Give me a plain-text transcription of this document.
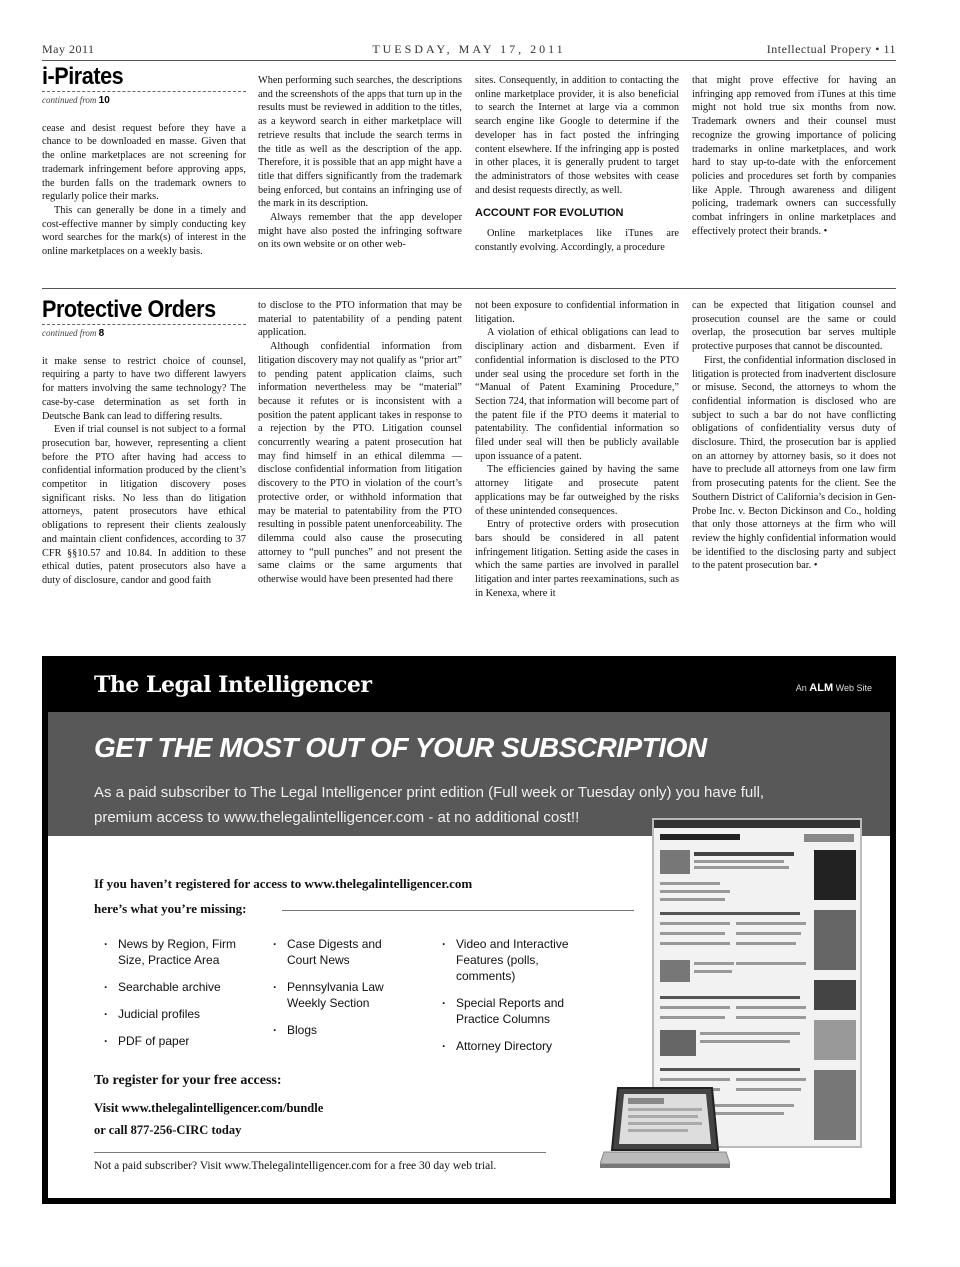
May 2011	TUESDAY, MAY 17, 2011	Intellectual Propery • 11
i-Pirates
continued from 10

cease and desist request before they have a chance to be downloaded en masse. Given that the online marketplaces are not screening for trademark infringement before approving apps, the burden falls on the trademark owners to regularly police their marks.

This can generally be done in a timely and cost-effective manner by simply conducting key word searches for the mark(s) of interest in the online marketplaces on a weekly basis.

When performing such searches, the descriptions and the screenshots of the apps that turn up in the results must be reviewed in addition to the titles, as a keyword search in either marketplace will retrieve results that include the search terms in the title as well as the description of the app. Therefore, it is possible that an app might have a title that differs significantly from the trademark being enforced, but contains an infringing use of the mark in its description.

Always remember that the app developer might have also posted the infringing software on its own website or on other web-

sites. Consequently, in addition to contacting the online marketplace provider, it is also beneficial to search the Internet at large via a common search engine like Google to determine if the developer has in fact posted the infringing content elsewhere. If the infringing app is posted in other places, it is generally prudent to target the administrators of those websites with cease and desist requests directly, as well.

ACCOUNT FOR EVOLUTION

Online marketplaces like iTunes are constantly evolving. Accordingly, a procedure

that might prove effective for having an infringing app removed from iTunes at this time might not hold true six months from now. Trademark owners and their counsel must recognize the growing importance of policing trademarks in online marketplaces, and work hard to stay up-to-date with the enforcement policies and procedures set forth by companies like Apple. Through awareness and diligent policing, trademark owners can successfully combat infringers in online marketplaces and effectively protect their brands. •

Protective Orders
continued from 8

it make sense to restrict choice of counsel, requiring a party to have two different lawyers for matters involving the same technology? The case-by-case determination as set forth in Deutsche Bank can lead to differing results.

Even if trial counsel is not subject to a formal prosecution bar, however, representing a client before the PTO after having had access to confidential information produced by the client’s competitor in litigation discovery poses significant risks. No less than do litigation attorneys, patent prosecutors have ethical obligations to represent their clients zealously and maintain client confidences, according to 37 CFR §§10.57 and 10.84. In addition to these ethical duties, patent prosecutors also have a duty of disclosure, candor and good faith

to disclose to the PTO information that may be material to patentability of a pending patent application.

Although confidential information from litigation discovery may not qualify as “prior art” to pending patent application claims, such information nevertheless may be “material” because it refutes or is inconsistent with a position the patent applicant takes in response to a rejection by the PTO. Litigation counsel concurrently wearing a patent prosecution hat may find himself in an ethical dilemma — disclose confidential information from litigation discovery to the PTO in violation of the court’s protective order, or withhold information that may be material to patentability from the PTO resulting in possible patent unenforceability. The dilemma could also cause the prosecuting attorney to “pull punches” and not present the same claims or the same arguments that otherwise would have been presented had there

not been exposure to confidential information in litigation.

A violation of ethical obligations can lead to disciplinary action and disbarment. Even if confidential information is disclosed to the PTO under seal using the procedure set forth in the “Manual of Patent Examining Procedure,” Section 724, that information will become part of the patent file if the PTO deems it material to patentability. The confidential information so filed under seal will then be publicly available upon issuance of a patent.

The efficiencies gained by having the same attorney litigate and prosecute patent applications may be far outweighed by the risks of these unintended consequences.

Entry of protective orders with prosecution bars should be considered in all patent infringement litigation. Setting aside the cases in which the same parties are involved in parallel litigation and inter partes reexaminations, such as in Kenexa, where it

can be expected that litigation counsel and prosecution counsel are the same or could overlap, the prosecution bar serves multiple protective purposes that cannot be discounted.

First, the confidential information disclosed in litigation is protected from inadvertent disclosure or misuse. Second, the attorneys to whom the confidential information is disclosed who are subject to such a bar do not have conflicting obligations of confidentiality versus duty of disclosure. Third, the prosecution bar is applied on an attorney by attorney basis, so it does not have to preclude all attorneys from one law firm from prosecuting patents for the client. See the Southern District of California’s decision in Gen-Probe Inc. v. Becton Dickinson and Co., holding that only those attorneys at the firm who will review the highly confidential information would be identified to the disclosing party and subject to the patent prosecution bar. •

The Legal Intelligencer	An ALM Web Site
GET THE MOST OUT OF YOUR SUBSCRIPTION
As a paid subscriber to The Legal Intelligencer print edition (Full week or Tuesday only) you have full,
premium access to www.thelegalintelligencer.com - at no additional cost!!
If you haven’t registered for access to www.thelegalintelligencer.com
here’s what you’re missing:
· News by Region, Firm Size, Practice Area
· Searchable archive
· Judicial profiles
· PDF of paper
· Case Digests and Court News
· Pennsylvania Law Weekly Section
· Blogs
· Video and Interactive Features (polls, comments)
· Special Reports and Practice Columns
· Attorney Directory
To register for your free access:
Visit www.thelegalintelligencer.com/bundle
or call 877-256-CIRC today
Not a paid subscriber? Visit www.Thelegalintelligencer.com for a free 30 day web trial.
